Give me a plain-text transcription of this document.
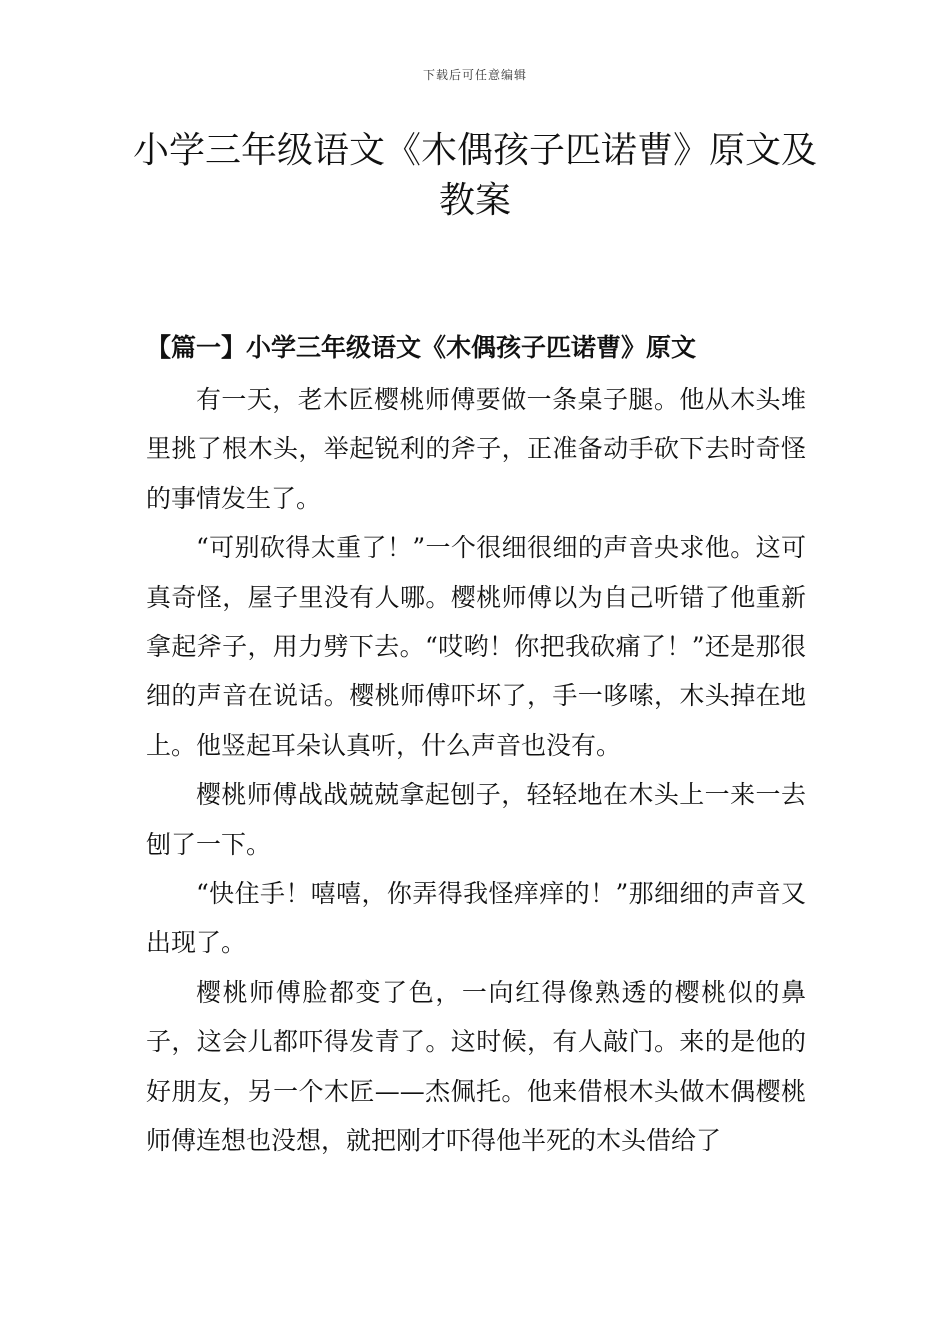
下载后可任意编辑
小学三年级语文《木偶孩子匹诺曹》原文及教案
【篇一】小学三年级语文《木偶孩子匹诺曹》原文

有一天，老木匠樱桃师傅要做一条桌子腿。他从木头堆里挑了根木头，举起锐利的斧子，正准备动手砍下去时奇怪的事情发生了。

“可别砍得太重了！”一个很细很细的声音央求他。这可真奇怪，屋子里没有人哪。樱桃师傅以为自己听错了他重新拿起斧子，用力劈下去。“哎哟！你把我砍痛了！”还是那很细的声音在说话。樱桃师傅吓坏了，手一哆嗦，木头掉在地上。他竖起耳朵认真听，什么声音也没有。

樱桃师傅战战兢兢拿起刨子，轻轻地在木头上一来一去刨了一下。

“快住手！嘻嘻，你弄得我怪痒痒的！”那细细的声音又出现了。

樱桃师傅脸都变了色，一向红得像熟透的樱桃似的鼻子，这会儿都吓得发青了。这时候，有人敲门。来的是他的好朋友，另一个木匠——杰佩托。他来借根木头做木偶樱桃师傅连想也没想，就把刚才吓得他半死的木头借给了
